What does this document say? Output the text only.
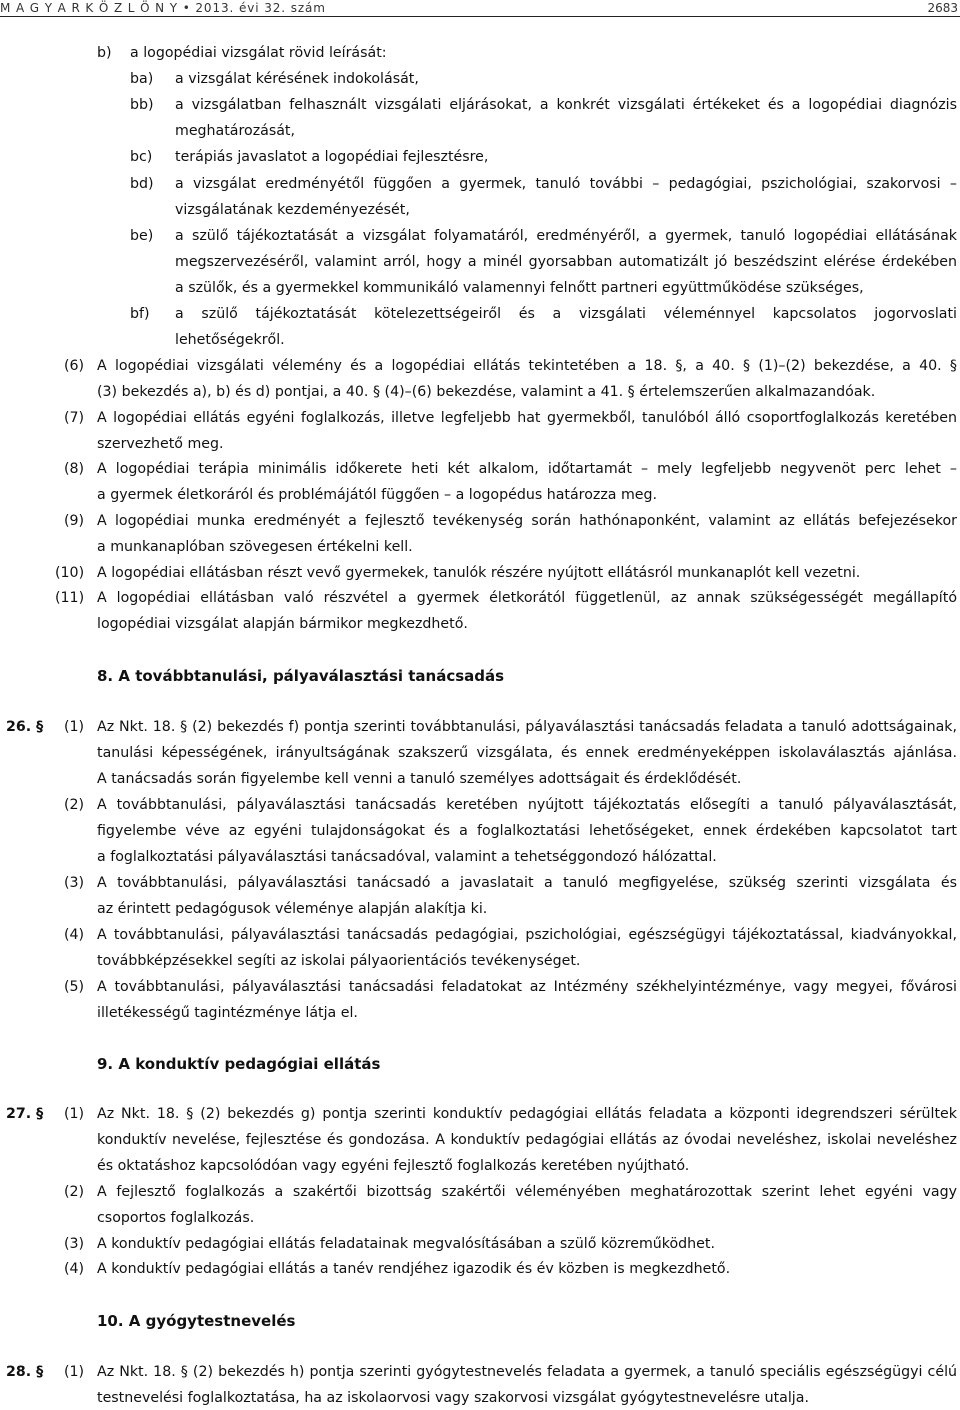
M A G Y A R K Ö Z L Ö N Y • 2013. évi 32. szám	2683
b) a logopédiai vizsgálat rövid leírását:
ba) a vizsgálat kérésének indokolását,
bb) a vizsgálatban felhasznált vizsgálati eljárásokat, a konkrét vizsgálati értékeket és a logopédiai diagnózis
meghatározását,
bc) terápiás javaslatot a logopédiai fejlesztésre,
bd) a vizsgálat eredményétől függően a gyermek, tanuló további – pedagógiai, pszichológiai, szakorvosi –
vizsgálatának kezdeményezését,
be) a szülő tájékoztatását a vizsgálat folyamatáról, eredményéről, a gyermek, tanuló logopédiai ellátásának
megszervezéséről, valamint arról, hogy a minél gyorsabban automatizált jó beszédszint elérése érdekében
a szülők, és a gyermekkel kommunikáló valamennyi felnőtt partneri együttműködése szükséges,
bf) a szülő tájékoztatását kötelezettségeiről és a vizsgálati véleménnyel kapcsolatos jogorvoslati
lehetőségekről.
(6) A logopédiai vizsgálati vélemény és a logopédiai ellátás tekintetében a 18. §, a 40. § (1)–(2) bekezdése, a 40. §
(3) bekezdés a), b) és d) pontjai, a 40. § (4)–(6) bekezdése, valamint a 41. § értelemszerűen alkalmazandóak.
(7) A logopédiai ellátás egyéni foglalkozás, illetve legfeljebb hat gyermekből, tanulóból álló csoportfoglalkozás keretében
szervezhető meg.
(8) A logopédiai terápia minimális időkerete heti két alkalom, időtartamát – mely legfeljebb negyvenöt perc lehet –
a gyermek életkoráról és problémájától függően – a logopédus határozza meg.
(9) A logopédiai munka eredményét a fejlesztő tevékenység során hathónaponként, valamint az ellátás befejezésekor
a munkanaplóban szövegesen értékelni kell.
(10) A logopédiai ellátásban részt vevő gyermekek, tanulók részére nyújtott ellátásról munkanaplót kell vezetni.
(11) A logopédiai ellátásban való részvétel a gyermek életkorától függetlenül, az annak szükségességét megállapító
logopédiai vizsgálat alapján bármikor megkezdhető.
8. A továbbtanulási, pályaválasztási tanácsadás
26. § (1) Az Nkt. 18. § (2) bekezdés f) pontja szerinti továbbtanulási, pályaválasztási tanácsadás feladata a tanuló adottságainak,
tanulási képességének, irányultságának szakszerű vizsgálata, és ennek eredményeképpen iskolaválasztás ajánlása.
A tanácsadás során figyelembe kell venni a tanuló személyes adottságait és érdeklődését.
(2) A továbbtanulási, pályaválasztási tanácsadás keretében nyújtott tájékoztatás elősegíti a tanuló pályaválasztását,
figyelembe véve az egyéni tulajdonságokat és a foglalkoztatási lehetőségeket, ennek érdekében kapcsolatot tart
a foglalkoztatási pályaválasztási tanácsadóval, valamint a tehetséggondozó hálózattal.
(3) A továbbtanulási, pályaválasztási tanácsadó a javaslatait a tanuló megfigyelése, szükség szerinti vizsgálata és
az érintett pedagógusok véleménye alapján alakítja ki.
(4) A továbbtanulási, pályaválasztási tanácsadás pedagógiai, pszichológiai, egészségügyi tájékoztatással, kiadványokkal,
továbbképzésekkel segíti az iskolai pályaorientációs tevékenységet.
(5) A továbbtanulási, pályaválasztási tanácsadási feladatokat az Intézmény székhelyintézménye, vagy megyei, fővárosi
illetékességű tagintézménye látja el.
9. A konduktív pedagógiai ellátás
27. § (1) Az Nkt. 18. § (2) bekezdés g) pontja szerinti konduktív pedagógiai ellátás feladata a központi idegrendszeri sérültek
konduktív nevelése, fejlesztése és gondozása. A konduktív pedagógiai ellátás az óvodai neveléshez, iskolai neveléshez
és oktatáshoz kapcsolódóan vagy egyéni fejlesztő foglalkozás keretében nyújtható.
(2) A fejlesztő foglalkozás a szakértői bizottság szakértői véleményében meghatározottak szerint lehet egyéni vagy
csoportos foglalkozás.
(3) A konduktív pedagógiai ellátás feladatainak megvalósításában a szülő közreműködhet.
(4) A konduktív pedagógiai ellátás a tanév rendjéhez igazodik és év közben is megkezdhető.
10. A gyógytestnevelés
28. § (1) Az Nkt. 18. § (2) bekezdés h) pontja szerinti gyógytestnevelés feladata a gyermek, a tanuló speciális egészségügyi célú
testnevelési foglalkoztatása, ha az iskolaorvosi vagy szakorvosi vizsgálat gyógytestnevelésre utalja.
